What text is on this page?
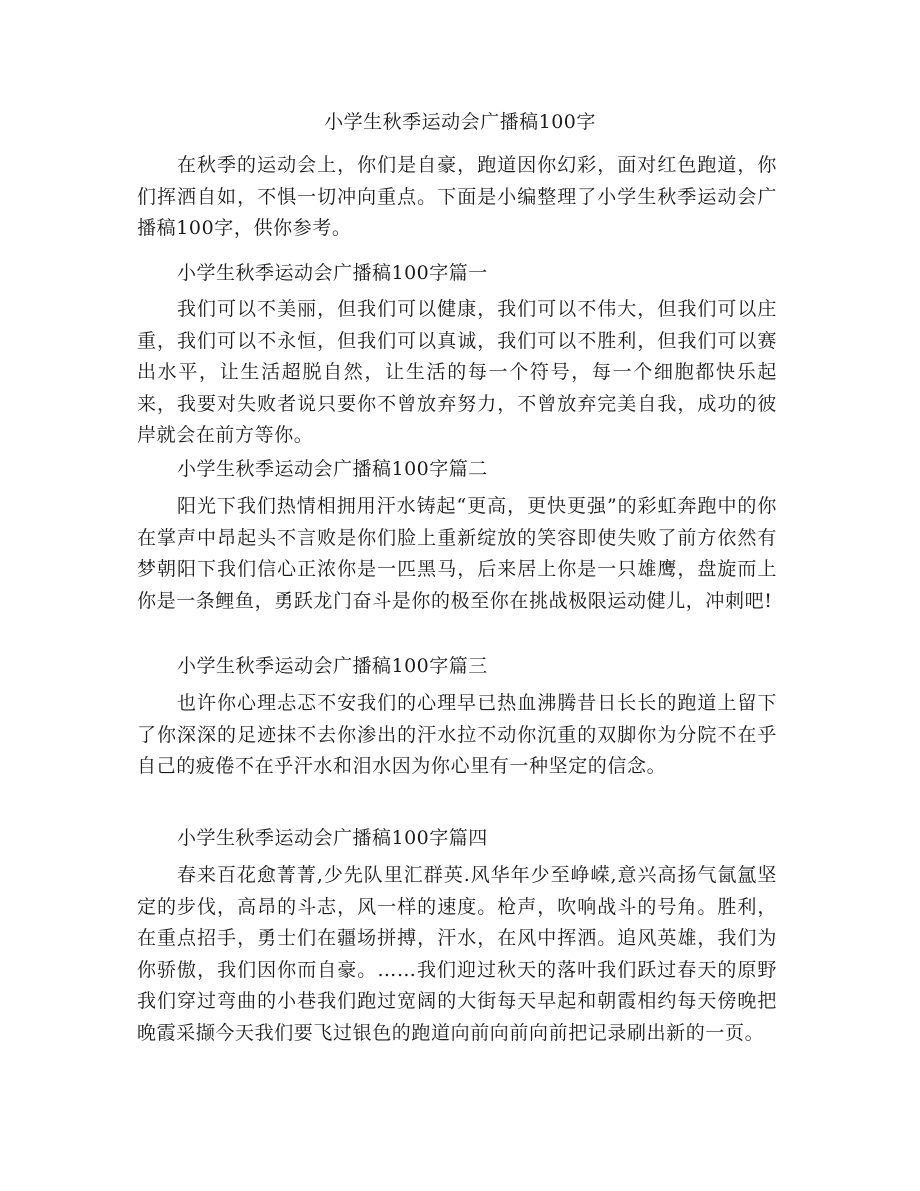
小学生秋季运动会广播稿100字

在秋季的运动会上，你们是自豪，跑道因你幻彩，面对红色跑道，你们挥洒自如，不惧一切冲向重点。下面是小编整理了小学生秋季运动会广播稿100字，供你参考。

小学生秋季运动会广播稿100字篇一

我们可以不美丽，但我们可以健康，我们可以不伟大，但我们可以庄重，我们可以不永恒，但我们可以真诚，我们可以不胜利，但我们可以赛出水平，让生活超脱自然，让生活的每一个符号，每一个细胞都快乐起来，我要对失败者说只要你不曾放弃努力，不曾放弃完美自我，成功的彼岸就会在前方等你。

小学生秋季运动会广播稿100字篇二

阳光下我们热情相拥用汗水铸起“更高，更快更强”的彩虹奔跑中的你在掌声中昂起头不言败是你们脸上重新绽放的笑容即使失败了前方依然有梦朝阳下我们信心正浓你是一匹黑马，后来居上你是一只雄鹰，盘旋而上你是一条鲤鱼，勇跃龙门奋斗是你的极至你在挑战极限运动健儿，冲刺吧!

小学生秋季运动会广播稿100字篇三

也许你心理忐忑不安我们的心理早已热血沸腾昔日长长的跑道上留下了你深深的足迹抹不去你渗出的汗水拉不动你沉重的双脚你为分院不在乎自己的疲倦不在乎汗水和泪水因为你心里有一种坚定的信念。

小学生秋季运动会广播稿100字篇四

春来百花愈菁菁,少先队里汇群英.风华年少至峥嵘,意兴高扬气氤氲坚定的步伐，高昂的斗志，风一样的速度。枪声，吹响战斗的号角。胜利，在重点招手，勇士们在疆场拼搏，汗水，在风中挥洒。追风英雄，我们为你骄傲，我们因你而自豪。……我们迎过秋天的落叶我们跃过春天的原野我们穿过弯曲的小巷我们跑过宽阔的大街每天早起和朝霞相约每天傍晚把晚霞采撷今天我们要飞过银色的跑道向前向前向前把记录刷出新的一页。
